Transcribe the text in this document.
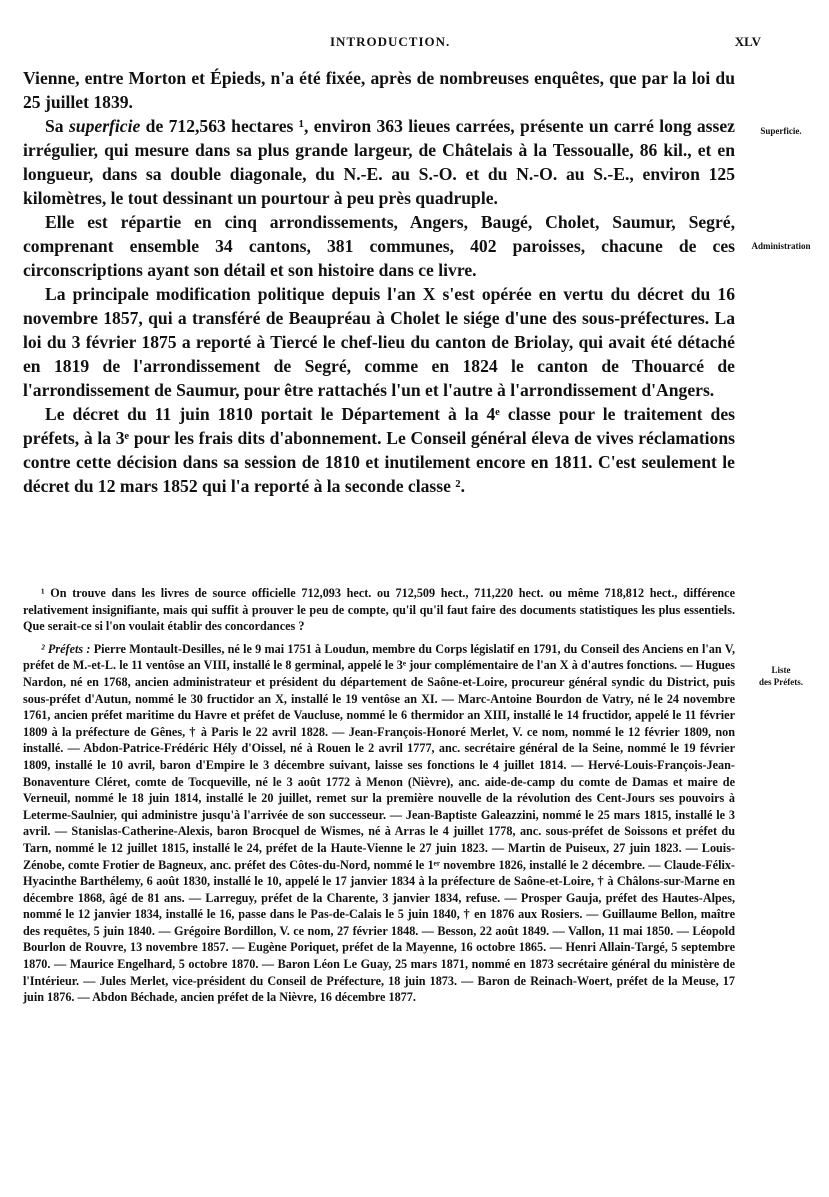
INTRODUCTION.	XLV

Vienne, entre Morton et Épieds, n'a été fixée, après de nombreuses enquêtes, que par la loi du 25 juillet 1839.

Sa superficie de 712,563 hectares ¹, environ 363 lieues carrées, présente un carré long assez irrégulier, qui mesure dans sa plus grande largeur, de Châtelais à la Tessoualle, 86 kil., et en longueur, dans sa double diagonale, du N.-E. au S.-O. et du N.-O. au S.-E., environ 125 kilomètres, le tout dessinant un pourtour à peu près quadruple.

Elle est répartie en cinq arrondissements, Angers, Baugé, Cholet, Saumur, Segré, comprenant ensemble 34 cantons, 381 communes, 402 paroisses, chacune de ces circonscriptions ayant son détail et son histoire dans ce livre.

La principale modification politique depuis l'an X s'est opérée en vertu du décret du 16 novembre 1857, qui a transféré de Beaupréau à Cholet le siége d'une des sous-préfectures. La loi du 3 février 1875 a reporté à Tiercé le chef-lieu du canton de Briolay, qui avait été détaché en 1819 de l'arrondissement de Segré, comme en 1824 le canton de Thouarcé de l'arrondissement de Saumur, pour être rattachés l'un et l'autre à l'arrondissement d'Angers.

Le décret du 11 juin 1810 portait le Département à la 4ᵉ classe pour le traitement des préfets, à la 3ᵉ pour les frais dits d'abonnement. Le Conseil général éleva de vives réclamations contre cette décision dans sa session de 1810 et inutilement encore en 1811. C'est seulement le décret du 12 mars 1852 qui l'a reporté à la seconde classe ².

Superficie.
Administration
Liste
des Préfets.

¹ On trouve dans les livres de source officielle 712,093 hect. ou 712,509 hect., 711,220 hect. ou même 718,812 hect., différence relativement insignifiante, mais qui suffit à prouver le peu de compte, qu'il qu'il faut faire des documents statistiques les plus essentiels. Que serait-ce si l'on voulait établir des concordances ?

² Préfets : Pierre Montault-Desilles, né le 9 mai 1751 à Loudun, membre du Corps législatif en 1791, du Conseil des Anciens en l'an V, préfet de M.-et-L. le 11 ventôse an VIII, installé le 8 germinal, appelé le 3ᵉ jour complémentaire de l'an X à d'autres fonctions. — Hugues Nardon, né en 1768, ancien administrateur et président du département de Saône-et-Loire, procureur général syndic du District, puis sous-préfet d'Autun, nommé le 30 fructidor an X, installé le 19 ventôse an XI. — Marc-Antoine Bourdon de Vatry, né le 24 novembre 1761, ancien préfet maritime du Havre et préfet de Vaucluse, nommé le 6 thermidor an XIII, installé le 14 fructidor, appelé le 11 février 1809 à la préfecture de Gênes, † à Paris le 22 avril 1828. — Jean-François-Honoré Merlet, V. ce nom, nommé le 12 février 1809, non installé. — Abdon-Patrice-Frédéric Hély d'Oissel, né à Rouen le 2 avril 1777, anc. secrétaire général de la Seine, nommé le 19 février 1809, installé le 10 avril, baron d'Empire le 3 décembre suivant, laisse ses fonctions le 4 juillet 1814. — Hervé-Louis-François-Jean-Bonaventure Cléret, comte de Tocqueville, né le 3 août 1772 à Menon (Nièvre), anc. aide-de-camp du comte de Damas et maire de Verneuil, nommé le 18 juin 1814, installé le 20 juillet, remet sur la première nouvelle de la révolution des Cent-Jours ses pouvoirs à Leterme-Saulnier, qui administre jusqu'à l'arrivée de son successeur. — Jean-Baptiste Galeazzini, nommé le 25 mars 1815, installé le 3 avril. — Stanislas-Catherine-Alexis, baron Brocquel de Wismes, né à Arras le 4 juillet 1778, anc. sous-préfet de Soissons et préfet du Tarn, nommé le 12 juillet 1815, installé le 24, préfet de la Haute-Vienne le 27 juin 1823. — Martin de Puiseux, 27 juin 1823. — Louis-Zénobe, comte Frotier de Bagneux, anc. préfet des Côtes-du-Nord, nommé le 1ᵉʳ novembre 1826, installé le 2 décembre. — Claude-Félix-Hyacinthe Barthélemy, 6 août 1830, installé le 10, appelé le 17 janvier 1834 à la préfecture de Saône-et-Loire, † à Châlons-sur-Marne en décembre 1868, âgé de 81 ans. — Larreguy, préfet de la Charente, 3 janvier 1834, refuse. — Prosper Gauja, préfet des Hautes-Alpes, nommé le 12 janvier 1834, installé le 16, passe dans le Pas-de-Calais le 5 juin 1840, † en 1876 aux Rosiers. — Guillaume Bellon, maître des requêtes, 5 juin 1840. — Grégoire Bordillon, V. ce nom, 27 février 1848. — Besson, 22 août 1849. — Vallon, 11 mai 1850. — Léopold Bourlon de Rouvre, 13 novembre 1857. — Eugène Poriquet, préfet de la Mayenne, 16 octobre 1865. — Henri Allain-Targé, 5 septembre 1870. — Maurice Engelhard, 5 octobre 1870. — Baron Léon Le Guay, 25 mars 1871, nommé en 1873 secrétaire général du ministère de l'Intérieur. — Jules Merlet, vice-président du Conseil de Préfecture, 18 juin 1873. — Baron de Reinach-Woert, préfet de la Meuse, 17 juin 1876. — Abdon Béchade, ancien préfet de la Nièvre, 16 décembre 1877.
